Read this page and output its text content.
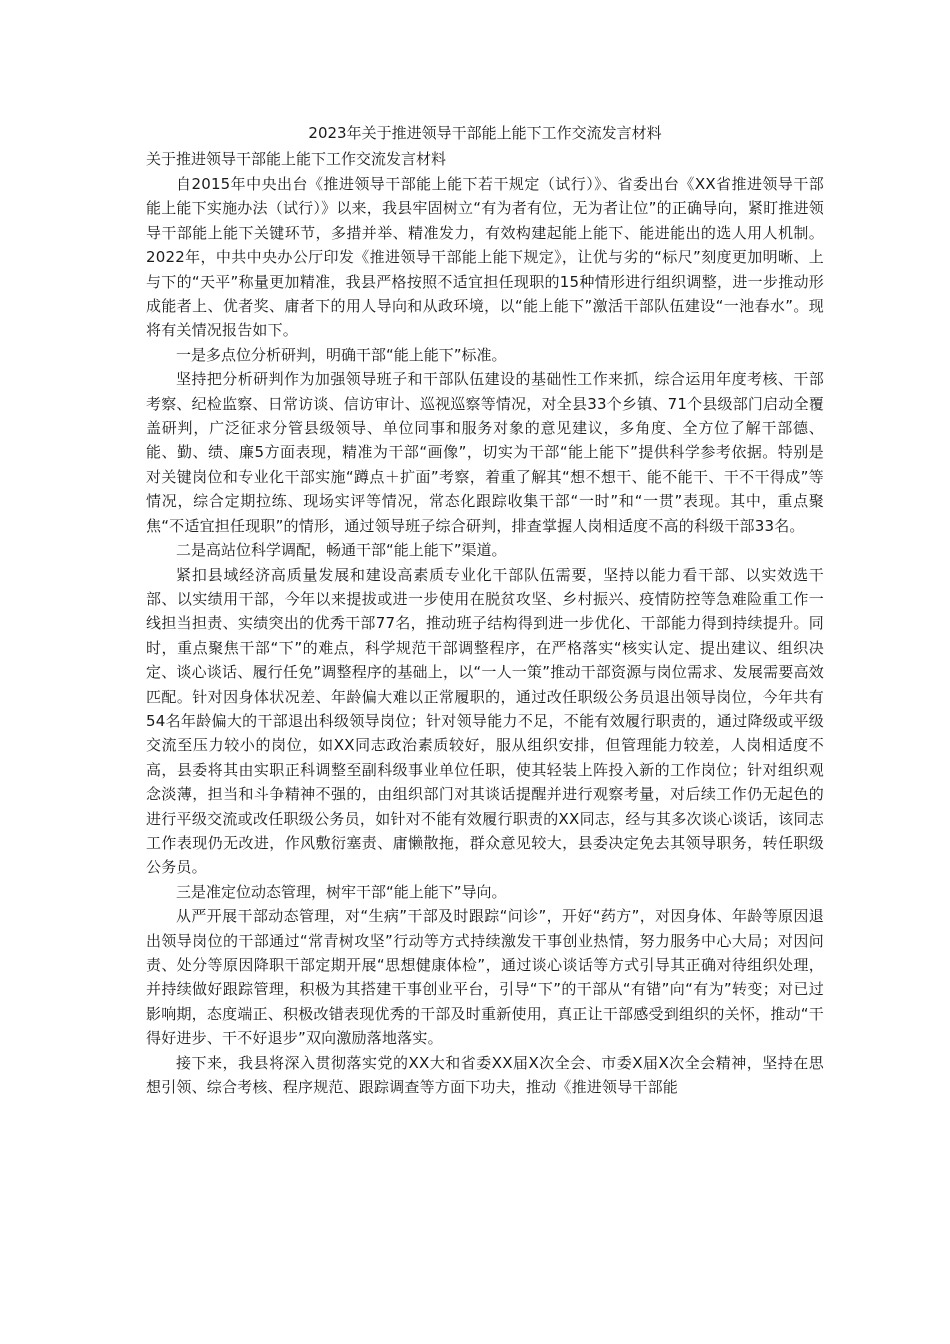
2023年关于推进领导干部能上能下工作交流发言材料

关于推进领导干部能上能下工作交流发言材料

自2015年中央出台《推进领导干部能上能下若干规定（试行）》、省委出台《XX省推进领导干部能上能下实施办法（试行）》以来，我县牢固树立“有为者有位，无为者让位”的正确导向，紧盯推进领导干部能上能下关键环节，多措并举、精准发力，有效构建起能上能下、能进能出的选人用人机制。2022年，中共中央办公厅印发《推进领导干部能上能下规定》，让优与劣的“标尺”刻度更加明晰、上与下的“天平”称量更加精准，我县严格按照不适宜担任现职的15种情形进行组织调整，进一步推动形成能者上、优者奖、庸者下的用人导向和从政环境，以“能上能下”激活干部队伍建设“一池春水”。现将有关情况报告如下。

一是多点位分析研判，明确干部“能上能下”标准。

坚持把分析研判作为加强领导班子和干部队伍建设的基础性工作来抓，综合运用年度考核、干部考察、纪检监察、日常访谈、信访审计、巡视巡察等情况，对全县33个乡镇、71个县级部门启动全覆盖研判，广泛征求分管县级领导、单位同事和服务对象的意见建议，多角度、全方位了解干部德、能、勤、绩、廉5方面表现，精准为干部“画像”，切实为干部“能上能下”提供科学参考依据。特别是对关键岗位和专业化干部实施“蹲点＋扩面”考察，着重了解其“想不想干、能不能干、干不干得成”等情况，综合定期拉练、现场实评等情况，常态化跟踪收集干部“一时”和“一贯”表现。其中，重点聚焦“不适宜担任现职”的情形，通过领导班子综合研判，排查掌握人岗相适度不高的科级干部33名。

二是高站位科学调配，畅通干部“能上能下”渠道。

紧扣县域经济高质量发展和建设高素质专业化干部队伍需要，坚持以能力看干部、以实效选干部、以实绩用干部，今年以来提拔或进一步使用在脱贫攻坚、乡村振兴、疫情防控等急难险重工作一线担当担责、实绩突出的优秀干部77名，推动班子结构得到进一步优化、干部能力得到持续提升。同时，重点聚焦干部“下”的难点，科学规范干部调整程序，在严格落实“核实认定、提出建议、组织决定、谈心谈话、履行任免”调整程序的基础上，以“一人一策”推动干部资源与岗位需求、发展需要高效匹配。针对因身体状况差、年龄偏大难以正常履职的，通过改任职级公务员退出领导岗位，今年共有54名年龄偏大的干部退出科级领导岗位；针对领导能力不足，不能有效履行职责的，通过降级或平级交流至压力较小的岗位，如XX同志政治素质较好，服从组织安排，但管理能力较差，人岗相适度不高，县委将其由实职正科调整至副科级事业单位任职，使其轻装上阵投入新的工作岗位；针对组织观念淡薄，担当和斗争精神不强的，由组织部门对其谈话提醒并进行观察考量，对后续工作仍无起色的进行平级交流或改任职级公务员，如针对不能有效履行职责的XX同志，经与其多次谈心谈话，该同志工作表现仍无改进，作风敷衍塞责、庸懒散拖，群众意见较大，县委决定免去其领导职务，转任职级公务员。

三是准定位动态管理，树牢干部“能上能下”导向。

从严开展干部动态管理，对“生病”干部及时跟踪“问诊”，开好“药方”，对因身体、年龄等原因退出领导岗位的干部通过“常青树攻坚”行动等方式持续激发干事创业热情，努力服务中心大局；对因问责、处分等原因降职干部定期开展“思想健康体检”，通过谈心谈话等方式引导其正确对待组织处理，并持续做好跟踪管理，积极为其搭建干事创业平台，引导“下”的干部从“有错”向“有为”转变；对已过影响期，态度端正、积极改错表现优秀的干部及时重新使用，真正让干部感受到组织的关怀，推动“干得好进步、干不好退步”双向激励落地落实。

接下来，我县将深入贯彻落实党的XX大和省委XX届X次全会、市委X届X次全会精神，坚持在思想引领、综合考核、程序规范、跟踪调查等方面下功夫，推动《推进领导干部能
